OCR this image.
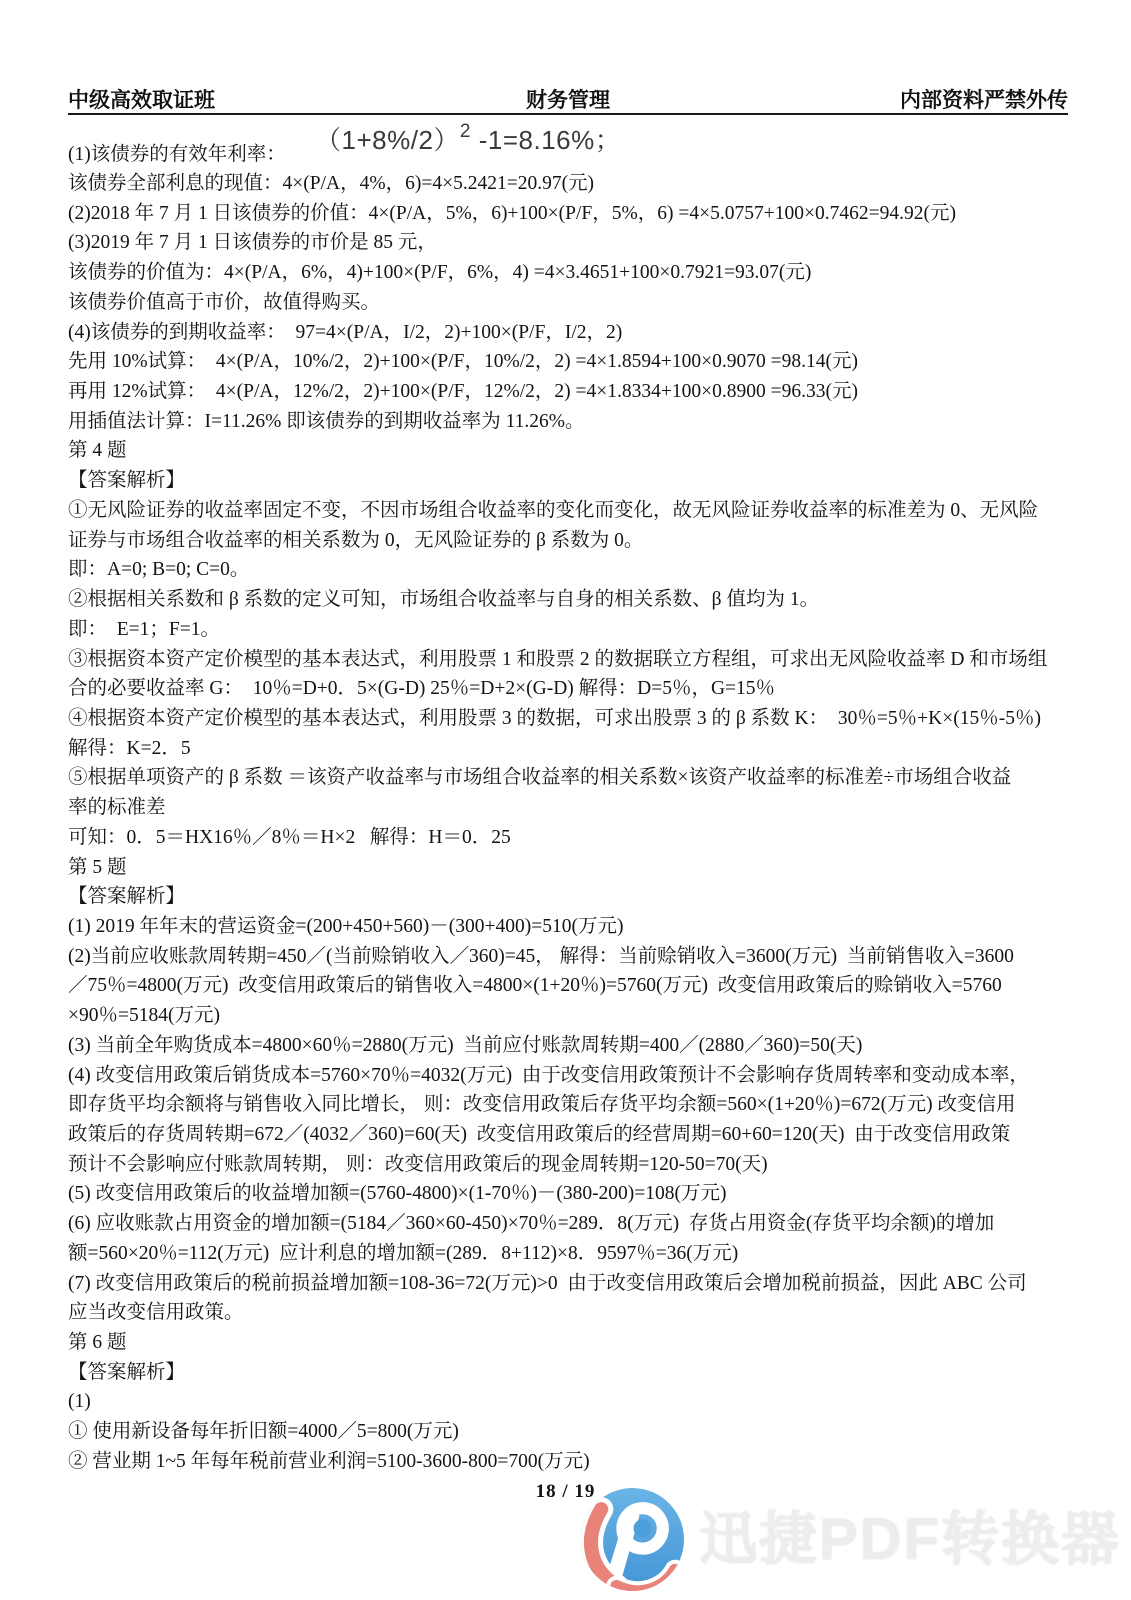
中级高效取证班	财务管理	内部资料严禁外传
(1)该债券的有效年利率： $(1+8\%/2)^2$ -1=8.16%；
该债券全部利息的现值：4×(P/A，4%，6)=4×5.2421=20.97(元)
(2)2018 年 7 月 1 日该债券的价值：4×(P/A，5%，6)+100×(P/F，5%，6) =4×5.0757+100×0.7462=94.92(元)
(3)2019 年 7 月 1 日该债券的市价是 85 元，
该债券的价值为：4×(P/A，6%，4)+100×(P/F，6%，4) =4×3.4651+100×0.7921=93.07(元)
该债券价值高于市价，故值得购买。
(4)该债券的到期收益率：  97=4×(P/A，I/2，2)+100×(P/F，I/2，2)
先用 10%试算：  4×(P/A，10%/2，2)+100×(P/F，10%/2，2) =4×1.8594+100×0.9070 =98.14(元)
再用 12%试算：  4×(P/A，12%/2，2)+100×(P/F，12%/2，2) =4×1.8334+100×0.8900 =96.33(元)
用插值法计算：I=11.26% 即该债券的到期收益率为 11.26%。
第 4 题
【答案解析】
①无风险证券的收益率固定不变，不因市场组合收益率的变化而变化，故无风险证券收益率的标准差为 0、无风险
证券与市场组合收益率的相关系数为 0，无风险证券的 β 系数为 0。
即：A=0; B=0; C=0。
②根据相关系数和 β 系数的定义可知，市场组合收益率与自身的相关系数、β 值均为 1。
即：  E=1；F=1。
③根据资本资产定价模型的基本表达式，利用股票 1 和股票 2 的数据联立方程组，可求出无风险收益率 D 和市场组
合的必要收益率 G：  10％=D+0．5×(G-D) 25％=D+2×(G-D) 解得：D=5％，G=15％
④根据资本资产定价模型的基本表达式，利用股票 3 的数据，可求出股票 3 的 β 系数 K：  30％=5％+K×(15％-5％)
解得：K=2．5
⑤根据单项资产的 β 系数 ＝该资产收益率与市场组合收益率的相关系数×该资产收益率的标准差÷市场组合收益
率的标准差
可知：0．5＝HX16％／8％＝H×2   解得：H＝0．25
第 5 题
【答案解析】
(1) 2019 年年末的营运资金=(200+450+560)－(300+400)=510(万元)
(2)当前应收账款周转期=450／(当前赊销收入／360)=45， 解得：当前赊销收入=3600(万元)  当前销售收入=3600
／75％=4800(万元)  改变信用政策后的销售收入=4800×(1+20％)=5760(万元)  改变信用政策后的赊销收入=5760
×90％=5184(万元)
(3) 当前全年购货成本=4800×60％=2880(万元)  当前应付账款周转期=400／(2880／360)=50(天)
(4) 改变信用政策后销货成本=5760×70％=4032(万元)  由于改变信用政策预计不会影响存货周转率和变动成本率，
即存货平均余额将与销售收入同比增长， 则：改变信用政策后存货平均余额=560×(1+20％)=672(万元) 改变信用
政策后的存货周转期=672／(4032／360)=60(天)  改变信用政策后的经营周期=60+60=120(天)  由于改变信用政策
预计不会影响应付账款周转期， 则：改变信用政策后的现金周转期=120-50=70(天)
(5) 改变信用政策后的收益增加额=(5760-4800)×(1-70％)－(380-200)=108(万元)
(6) 应收账款占用资金的增加额=(5184／360×60-450)×70％=289．8(万元)  存货占用资金(存货平均余额)的增加
额=560×20％=112(万元)  应计利息的增加额=(289．8+112)×8．9597％=36(万元)
(7) 改变信用政策后的税前损益增加额=108-36=72(万元)>0  由于改变信用政策后会增加税前损益，因此 ABC 公司
应当改变信用政策。
第 6 题
【答案解析】
(1)
① 使用新设备每年折旧额=4000／5=800(万元)
② 营业期 1~5 年每年税前营业利润=5100-3600-800=700(万元)
18 / 19
迅捷PDF转换器
